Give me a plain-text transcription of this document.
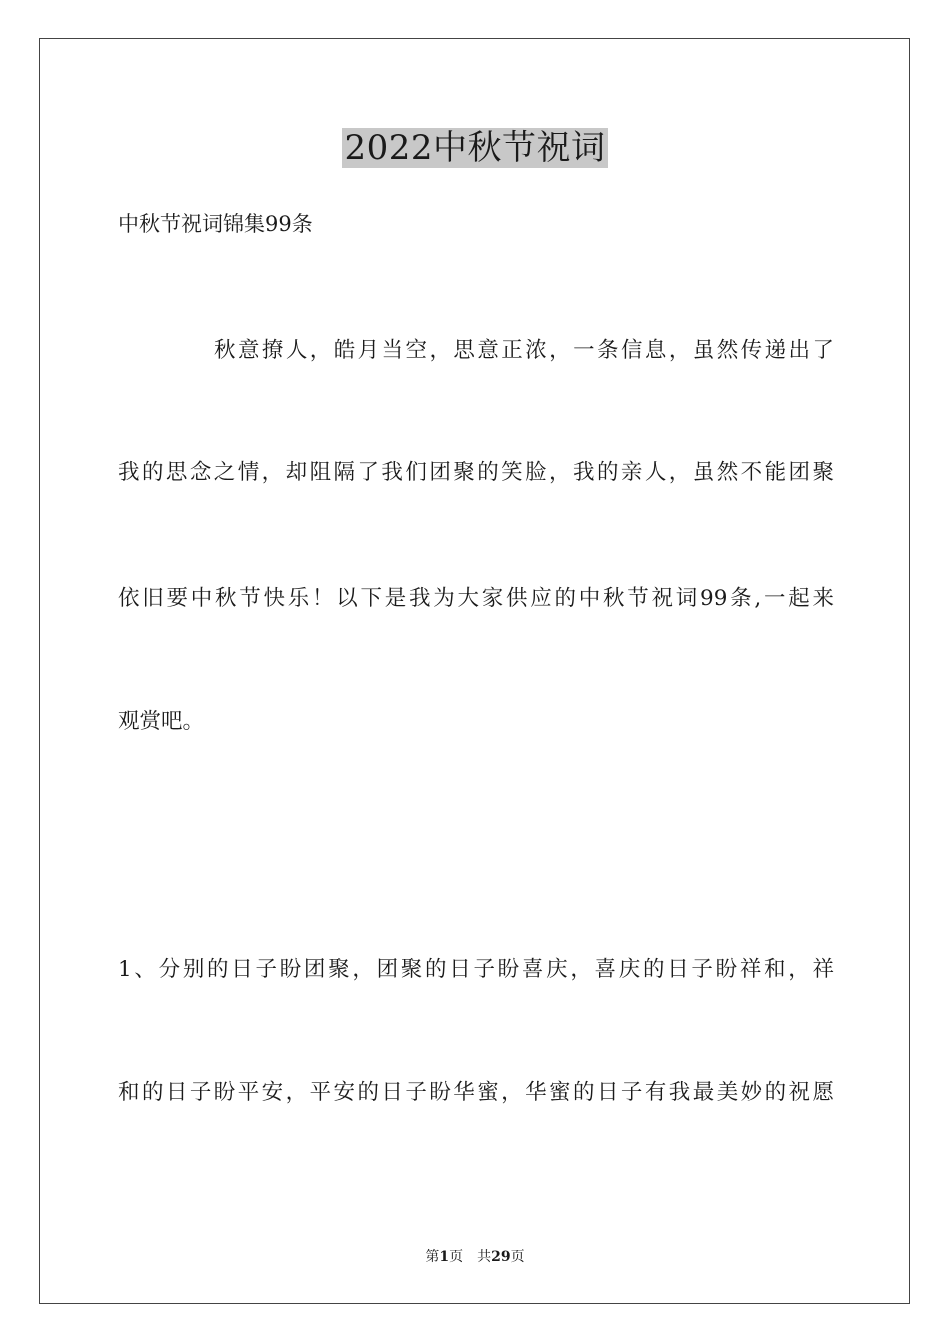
2022中秋节祝词
中秋节祝词锦集99条
秋意撩人，皓月当空，思意正浓，一条信息，虽然传递出了
我的思念之情，却阻隔了我们团聚的笑脸，我的亲人，虽然不能团聚
依旧要中秋节快乐！以下是我为大家供应的中秋节祝词99条,一起来
观赏吧。
1、分别的日子盼团聚，团聚的日子盼喜庆，喜庆的日子盼祥和，祥
和的日子盼平安，平安的日子盼华蜜，华蜜的日子有我最美妙的祝愿
第1页 共29页
